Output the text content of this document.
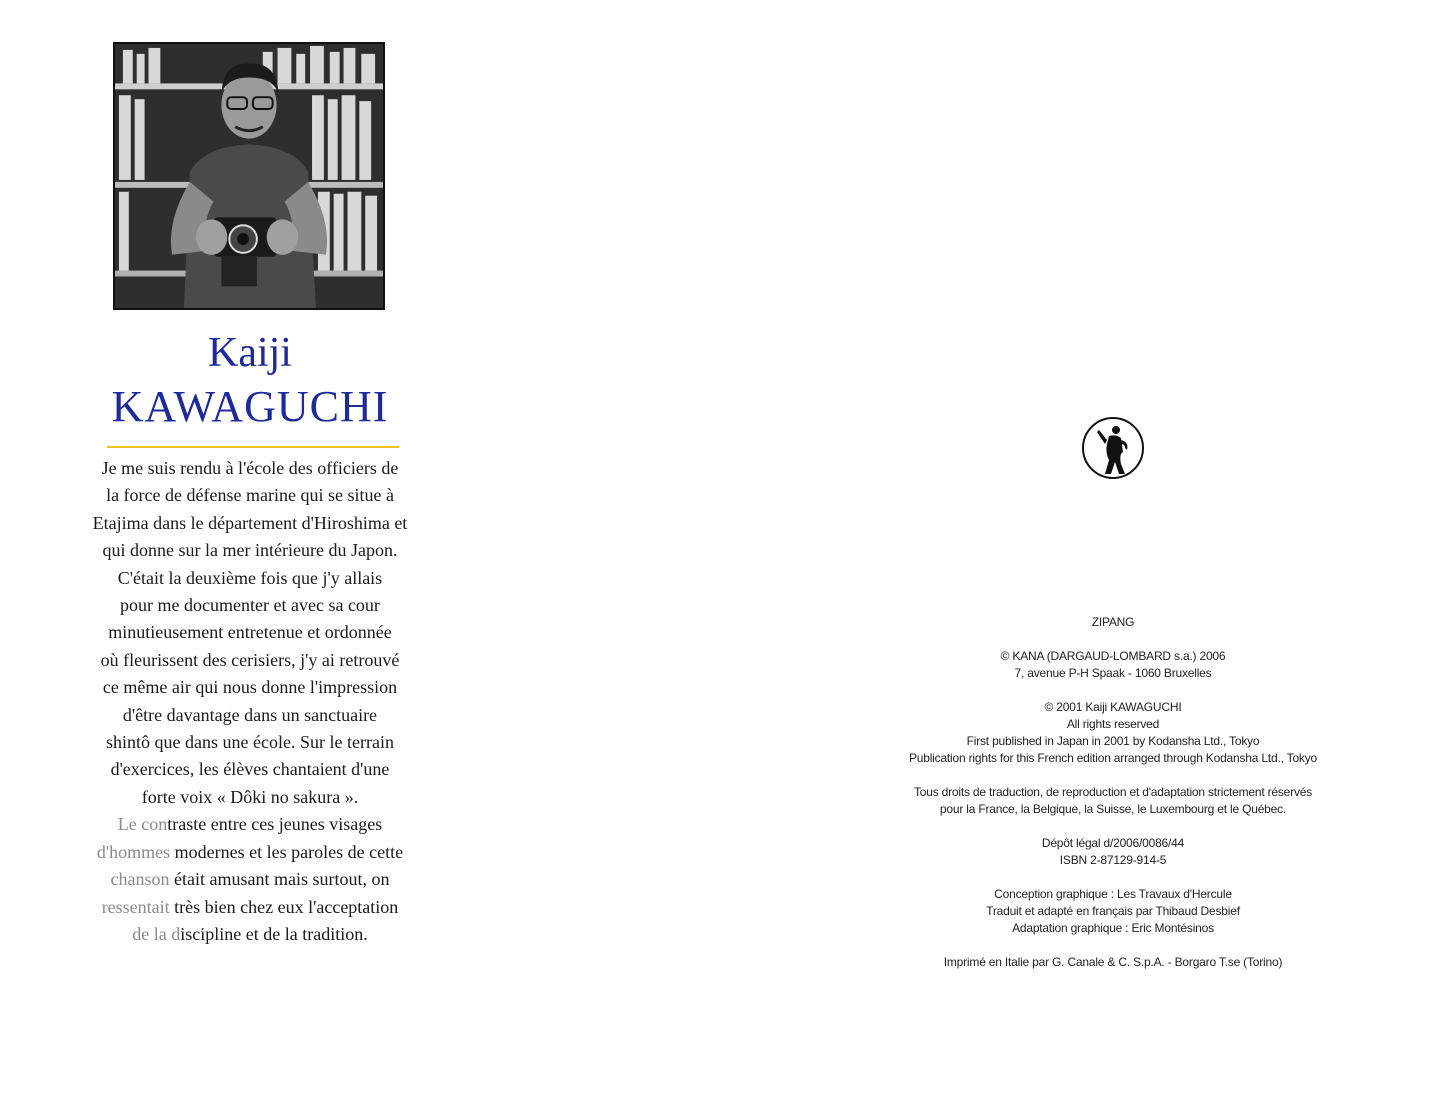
Kaiji
KAWAGUCHI
Je me suis rendu à l'école des officiers de
la force de défense marine qui se situe à
Etajima dans le département d'Hiroshima et
qui donne sur la mer intérieure du Japon.
C'était la deuxième fois que j'y allais
pour me documenter et avec sa cour
minutieusement entretenue et ordonnée
où fleurissent des cerisiers, j'y ai retrouvé
ce même air qui nous donne l'impression
d'être davantage dans un sanctuaire
shintô que dans une école. Sur le terrain
d'exercices, les élèves chantaient d'une
forte voix « Dôki no sakura ».
Le contraste entre ces jeunes visages
d'hommes modernes et les paroles de cette
chanson était amusant mais surtout, on
ressentait très bien chez eux l'acceptation
de la discipline et de la tradition.
ZIPANG
© KANA (DARGAUD-LOMBARD s.a.) 2006
7, avenue P-H Spaak - 1060 Bruxelles
© 2001 Kaiji KAWAGUCHI
All rights reserved
First published in Japan in 2001 by Kodansha Ltd., Tokyo
Publication rights for this French edition arranged through Kodansha Ltd., Tokyo
Tous droits de traduction, de reproduction et d'adaptation strictement réservés
pour la France, la Belgique, la Suisse, le Luxembourg et le Québec.
Dépôt légal d/2006/0086/44
ISBN 2-87129-914-5
Conception graphique : Les Travaux d'Hercule
Traduit et adapté en français par Thibaud Desbief
Adaptation graphique : Eric Montésinos
Imprimé en Italie par G. Canale & C. S.p.A. - Borgaro T.se (Torino)
